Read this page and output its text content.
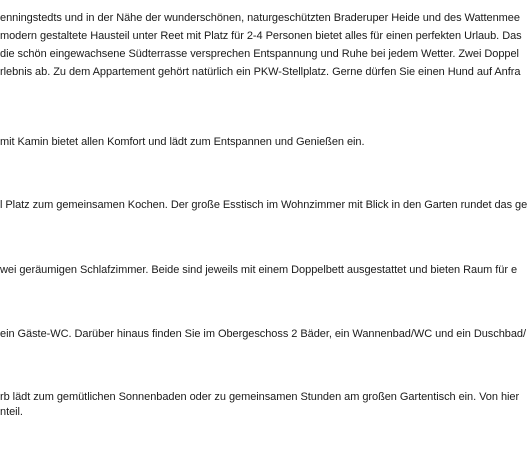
enningstedts und in der Nähe der wunderschönen, naturgeschützten Braderuper Heide und des Wattenmee
modern gestaltete Hausteil unter Reet mit Platz für 2-4 Personen bietet alles für einen perfekten Urlaub. Das
die schön eingewachsene Südterrasse versprechen Entspannung und Ruhe bei jedem Wetter. Zwei Doppel
rlebnis ab. Zu dem Appartement gehört natürlich ein PKW-Stellplatz. Gerne dürfen Sie einen Hund auf Anfra
mit Kamin bietet allen Komfort und lädt zum Entspannen und Genießen ein.
l Platz zum gemeinsamen Kochen. Der große Esstisch im Wohnzimmer mit Blick in den Garten rundet das ge
wei geräumigen Schlafzimmer. Beide sind jeweils mit einem Doppelbett ausgestattet und bieten Raum für e
ein Gäste-WC. Darüber hinaus finden Sie im Obergeschoss 2 Bäder, ein Wannenbad/WC und ein Duschbad/
rb lädt zum gemütlichen Sonnenbaden oder zu gemeinsamen Stunden am großen Gartentisch ein. Von hier
nteil.
